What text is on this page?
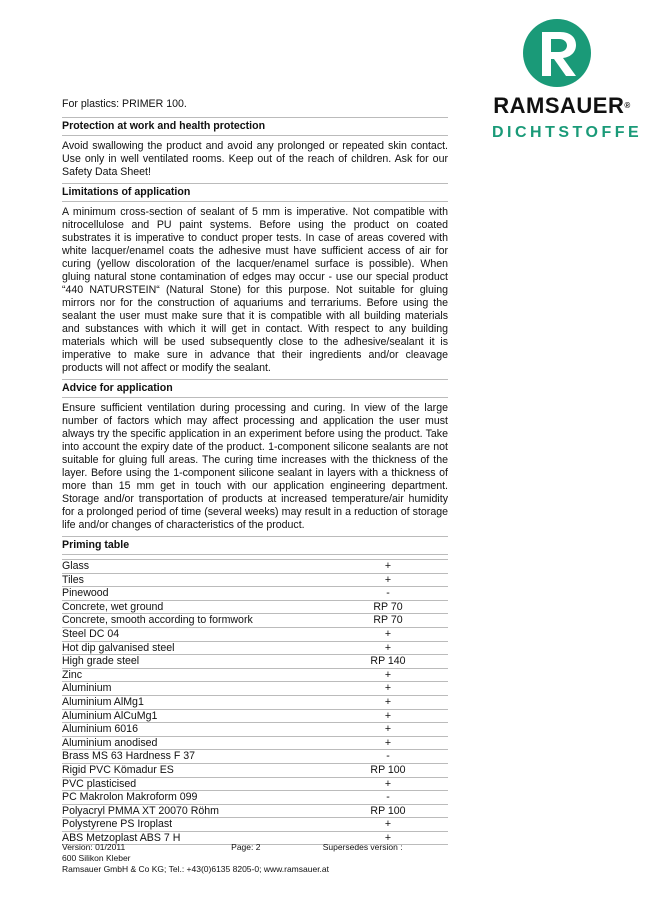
RAMSAUER®
DICHTSTOFFE

For plastics: PRIMER 100.

Protection at work and health protection

Avoid swallowing the product and avoid any prolonged or repeated skin contact. Use only in well ventilated rooms. Keep out of the reach of children. Ask for our Safety Data Sheet!

Limitations of application

A minimum cross-section of sealant of 5 mm is imperative. Not compatible with nitrocellulose and PU paint systems. Before using the product on coated substrates it is imperative to conduct proper tests. In case of areas covered with white lacquer/enamel coats the adhesive must have sufficient access of air for curing (yellow discoloration of the lacquer/enamel surface is possible). When gluing natural stone contamination of edges may occur - use our special product “440 NATURSTEIN“ (Natural Stone) for this purpose. Not suitable for gluing mirrors nor for the construction of aquariums and terrariums. Before using the sealant the user must make sure that it is compatible with all building materials and substances with which it will get in contact. With respect to any building materials which will be used subsequently close to the adhesive/sealant it is imperative to make sure in advance that their ingredients and/or cleavage products will not affect or modify the sealant.

Advice for application

Ensure sufficient ventilation during processing and curing. In view of the large number of factors which may affect processing and application the user must always try the specific application in an experiment before using the product. Take into account the expiry date of the product. 1-component silicone sealants are not suitable for gluing full areas. The curing time increases with the thickness of the layer. Before using the 1-component silicone sealant in layers with a thickness of more than 15 mm get in touch with our application engineering department. Storage and/or transportation of products at increased temperature/air humidity for a prolonged period of time (several weeks) may result in a reduction of storage life and/or changes of characteristics of the product.

Priming table
Glass	+
Tiles	+
Pinewood	-
Concrete, wet ground	RP 70
Concrete, smooth according to formwork	RP 70
Steel DC 04	+
Hot dip galvanised steel	+
High grade steel	RP 140
Zinc	+
Aluminium	+
Aluminium AlMg1	+
Aluminium AlCuMg1	+
Aluminium 6016	+
Aluminium anodised	+
Brass MS 63 Hardness F 37	-
Rigid PVC Kömadur ES	RP 100
PVC plasticised	+
PC Makrolon Makroform 099	-
Polyacryl PMMA XT 20070 Röhm	RP 100
Polystyrene PS Iroplast	+
ABS Metzoplast ABS 7 H	+
Version: 01/2011	Page: 2	Supersedes version :
600 Silikon Kleber
Ramsauer GmbH & Co KG; Tel.: +43(0)6135 8205-0; www.ramsauer.at
